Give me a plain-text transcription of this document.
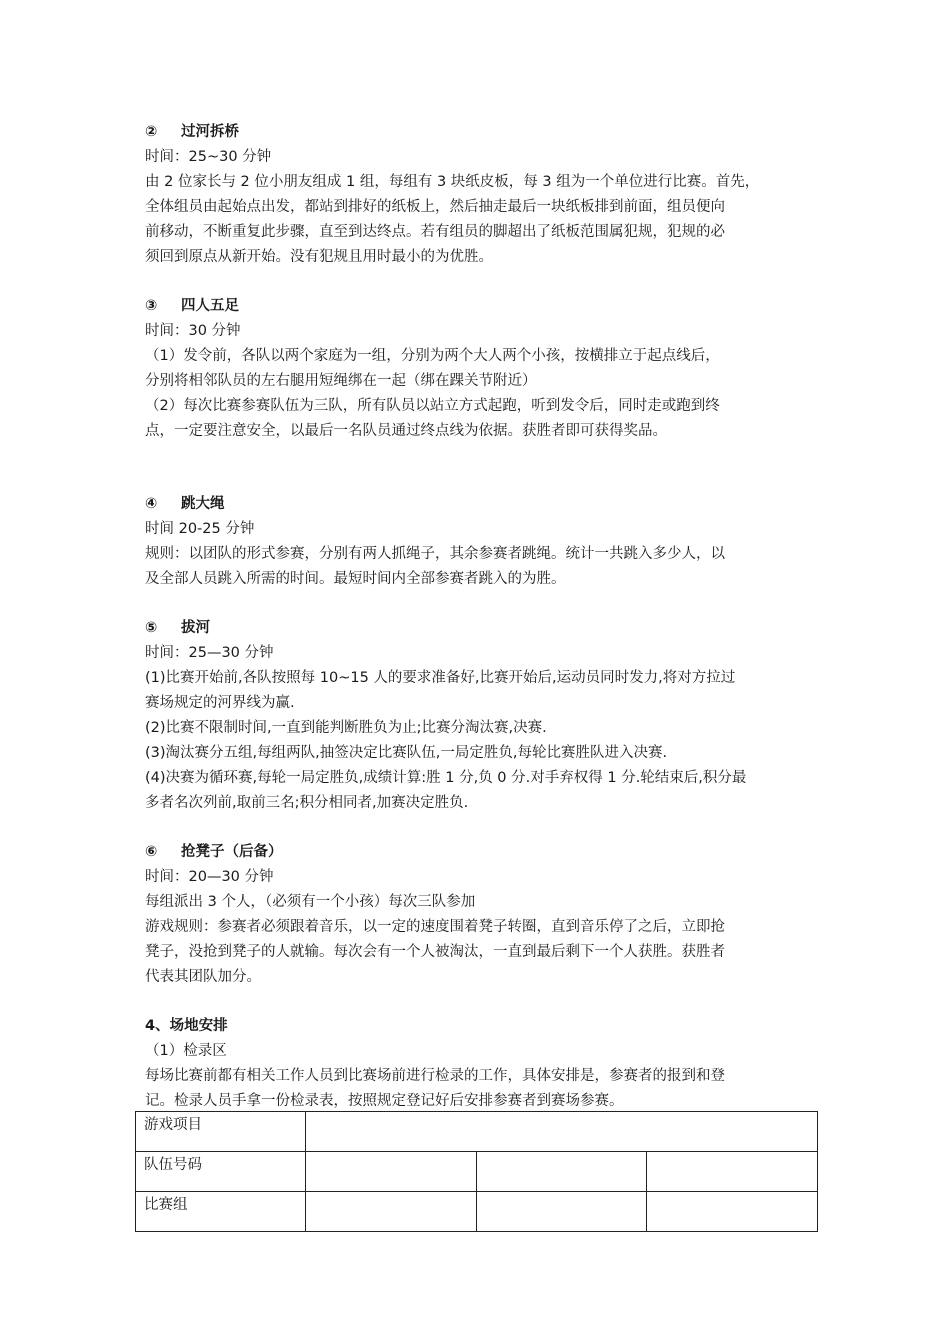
② 过河拆桥
时间：25~30 分钟
由 2 位家长与 2 位小朋友组成 1 组，每组有 3 块纸皮板，每 3 组为一个单位进行比赛。首先，
全体组员由起始点出发，都站到排好的纸板上，然后抽走最后一块纸板排到前面，组员便向
前移动，不断重复此步骤，直至到达终点。若有组员的脚超出了纸板范围属犯规，犯规的必
须回到原点从新开始。没有犯规且用时最小的为优胜。
③ 四人五足
时间：30 分钟
（1）发令前，各队以两个家庭为一组，分别为两个大人两个小孩，按横排立于起点线后，
分别将相邻队员的左右腿用短绳绑在一起（绑在踝关节附近）
（2）每次比赛参赛队伍为三队，所有队员以站立方式起跑，听到发令后，同时走或跑到终
点，一定要注意安全，以最后一名队员通过终点线为依据。获胜者即可获得奖品。
④ 跳大绳
时间 20-25 分钟
规则：以团队的形式参赛，分别有两人抓绳子，其余参赛者跳绳。统计一共跳入多少人，以
及全部人员跳入所需的时间。最短时间内全部参赛者跳入的为胜。
⑤ 拔河
时间：25—30 分钟
(1)比赛开始前,各队按照每 10~15 人的要求准备好,比赛开始后,运动员同时发力,将对方拉过
赛场规定的河界线为赢.
(2)比赛不限制时间,一直到能判断胜负为止;比赛分淘汰赛,决赛.
(3)淘汰赛分五组,每组两队,抽签决定比赛队伍,一局定胜负,每轮比赛胜队进入决赛.
(4)决赛为循环赛,每轮一局定胜负,成绩计算:胜 1 分,负 0 分.对手弃权得 1 分.轮结束后,积分最
多者名次列前,取前三名;积分相同者,加赛决定胜负.
⑥ 抢凳子（后备）
时间：20—30 分钟
每组派出 3 个人，（必须有一个小孩）每次三队参加
游戏规则：参赛者必须跟着音乐，以一定的速度围着凳子转圈，直到音乐停了之后，立即抢
凳子，没抢到凳子的人就输。每次会有一个人被淘汰，一直到最后剩下一个人获胜。获胜者
代表其团队加分。
4、场地安排
（1）检录区
每场比赛前都有相关工作人员到比赛场前进行检录的工作，具体安排是，参赛者的报到和登
记。检录人员手拿一份检录表，按照规定登记好后安排参赛者到赛场参赛。
游戏项目			
队伍号码			
比赛组			
